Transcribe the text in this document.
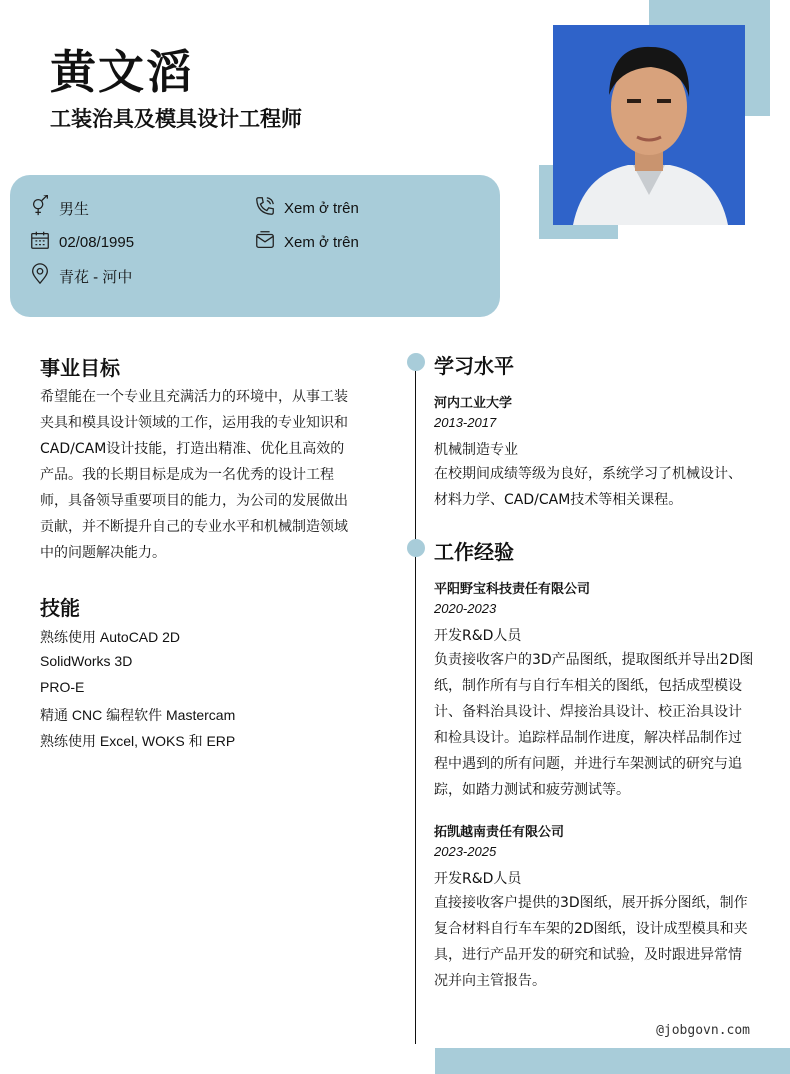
黄文滔
工装治具及模具设计工程师
男生
02/08/1995
青花 - 河中
Xem ở trên
Xem ở trên
事业目标
希望能在一个专业且充满活力的环境中，从事工装
夹具和模具设计领域的工作，运用我的专业知识和
CAD/CAM设计技能，打造出精准、优化且高效的
产品。我的长期目标是成为一名优秀的设计工程
师，具备领导重要项目的能力，为公司的发展做出
贡献，并不断提升自己的专业水平和机械制造领域
中的问题解决能力。
技能
熟练使用 AutoCAD 2D
SolidWorks 3D
PRO-E
精通 CNC 编程软件 Mastercam
熟练使用 Excel, WOKS 和 ERP
学习水平
河内工业大学
2013-2017
机械制造专业
在校期间成绩等级为良好，系统学习了机械设计、
材料力学、CAD/CAM技术等相关课程。
工作经验
平阳野宝科技责任有限公司
2020-2023
开发R&D人员
负责接收客户的3D产品图纸，提取图纸并导出2D图
纸，制作所有与自行车相关的图纸，包括成型模设
计、备料治具设计、焊接治具设计、校正治具设计
和检具设计。追踪样品制作进度，解决样品制作过
程中遇到的所有问题，并进行车架测试的研究与追
踪，如踏力测试和疲劳测试等。
拓凯越南责任有限公司
2023-2025
开发R&D人员
直接接收客户提供的3D图纸，展开拆分图纸，制作
复合材料自行车车架的2D图纸，设计成型模具和夹
具，进行产品开发的研究和试验，及时跟进异常情
况并向主管报告。
@jobgovn.com
